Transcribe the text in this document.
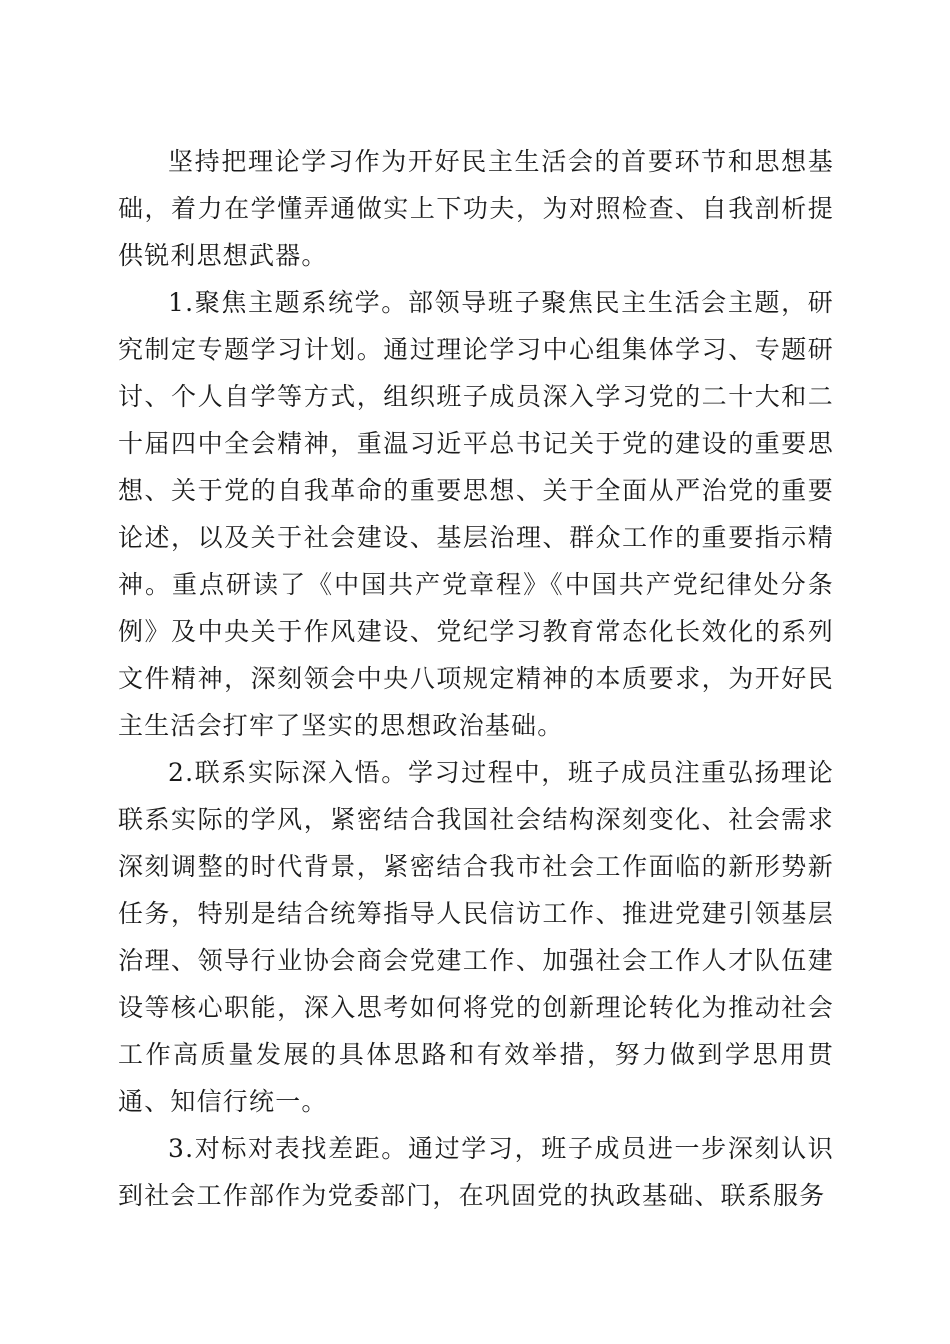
坚持把理论学习作为开好民主生活会的首要环节和思想基础，着力在学懂弄通做实上下功夫，为对照检查、自我剖析提供锐利思想武器。

1.聚焦主题系统学。部领导班子聚焦民主生活会主题，研究制定专题学习计划。通过理论学习中心组集体学习、专题研讨、个人自学等方式，组织班子成员深入学习党的二十大和二十届四中全会精神，重温习近平总书记关于党的建设的重要思想、关于党的自我革命的重要思想、关于全面从严治党的重要论述，以及关于社会建设、基层治理、群众工作的重要指示精神。重点研读了《中国共产党章程》《中国共产党纪律处分条例》及中央关于作风建设、党纪学习教育常态化长效化的系列文件精神，深刻领会中央八项规定精神的本质要求，为开好民主生活会打牢了坚实的思想政治基础。

2.联系实际深入悟。学习过程中，班子成员注重弘扬理论联系实际的学风，紧密结合我国社会结构深刻变化、社会需求深刻调整的时代背景，紧密结合我市社会工作面临的新形势新任务，特别是结合统筹指导人民信访工作、推进党建引领基层治理、领导行业协会商会党建工作、加强社会工作人才队伍建设等核心职能，深入思考如何将党的创新理论转化为推动社会工作高质量发展的具体思路和有效举措，努力做到学思用贯通、知信行统一。

3.对标对表找差距。通过学习，班子成员进一步深刻认识到社会工作部作为党委部门，在巩固党的执政基础、联系服务
